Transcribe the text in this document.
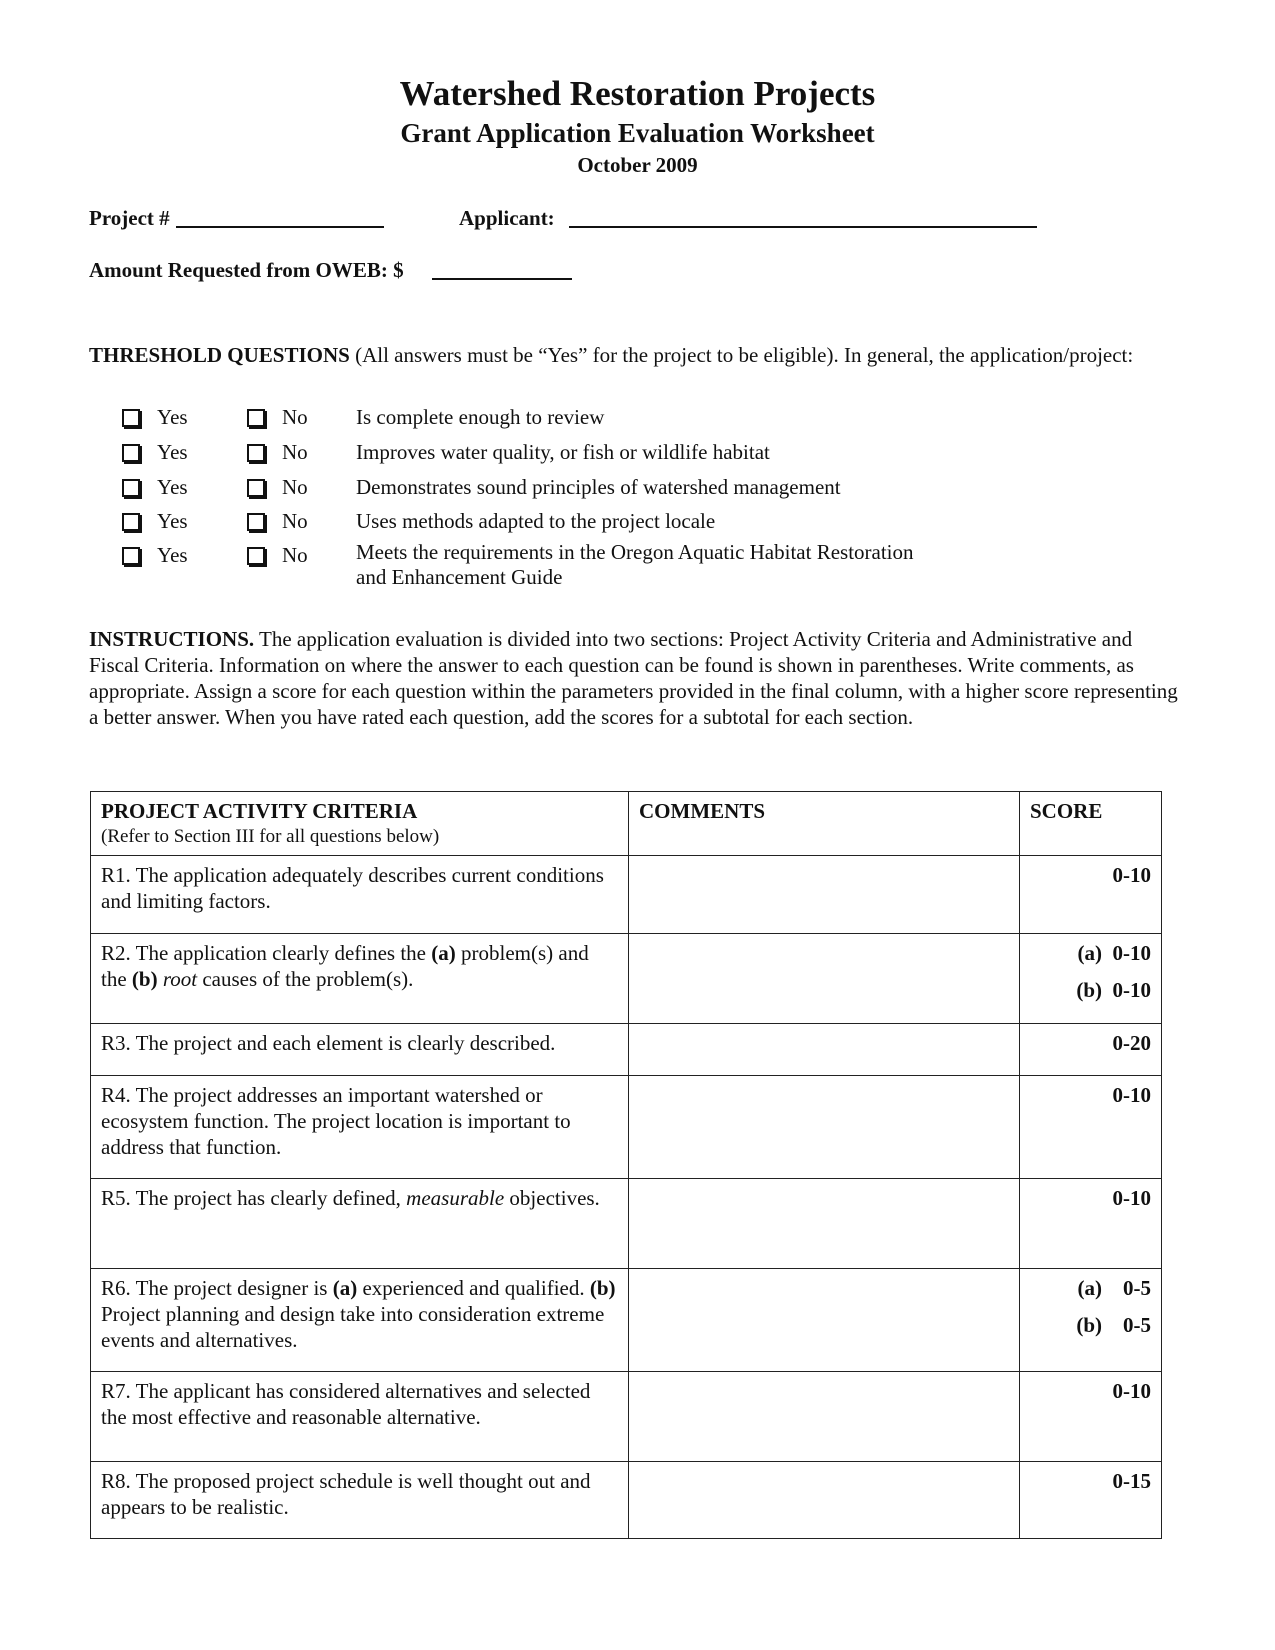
Watershed Restoration Projects
Grant Application Evaluation Worksheet
October 2009
Project #	Applicant:
Amount Requested from OWEB: $
THRESHOLD QUESTIONS (All answers must be “Yes” for the project to be eligible). In general, the application/project:
Yes	No Is complete enough to review
Yes	No Improves water quality, or fish or wildlife habitat
Yes	No Demonstrates sound principles of watershed management
Yes	No Uses methods adapted to the project locale
Yes	No Meets the requirements in the Oregon Aquatic Habitat Restoration and Enhancement Guide
INSTRUCTIONS. The application evaluation is divided into two sections: Project Activity Criteria and Administrative and Fiscal Criteria. Information on where the answer to each question can be found is shown in parentheses. Write comments, as appropriate. Assign a score for each question within the parameters provided in the final column, with a higher score representing a better answer. When you have rated each question, add the scores for a subtotal for each section.
PROJECT ACTIVITY CRITERIA
(Refer to Section III for all questions below)	COMMENTS	SCORE

R1. The application adequately describes current conditions and limiting factors.		0-10

R2. The application clearly defines the (a) problem(s) and the (b) root causes of the problem(s).		(a)  0-10
(b)  0-10

R3. The project and each element is clearly described.		0-20

R4. The project addresses an important watershed or ecosystem function. The project location is important to address that function.		0-10

R5. The project has clearly defined, measurable objectives.		0-10

R6. The project designer is (a) experienced and qualified. (b) Project planning and design take into consideration extreme events and alternatives.		(a)    0-5
(b)    0-5

R7. The applicant has considered alternatives and selected the most effective and reasonable alternative.		0-10

R8. The proposed project schedule is well thought out and appears to be realistic.		0-15
